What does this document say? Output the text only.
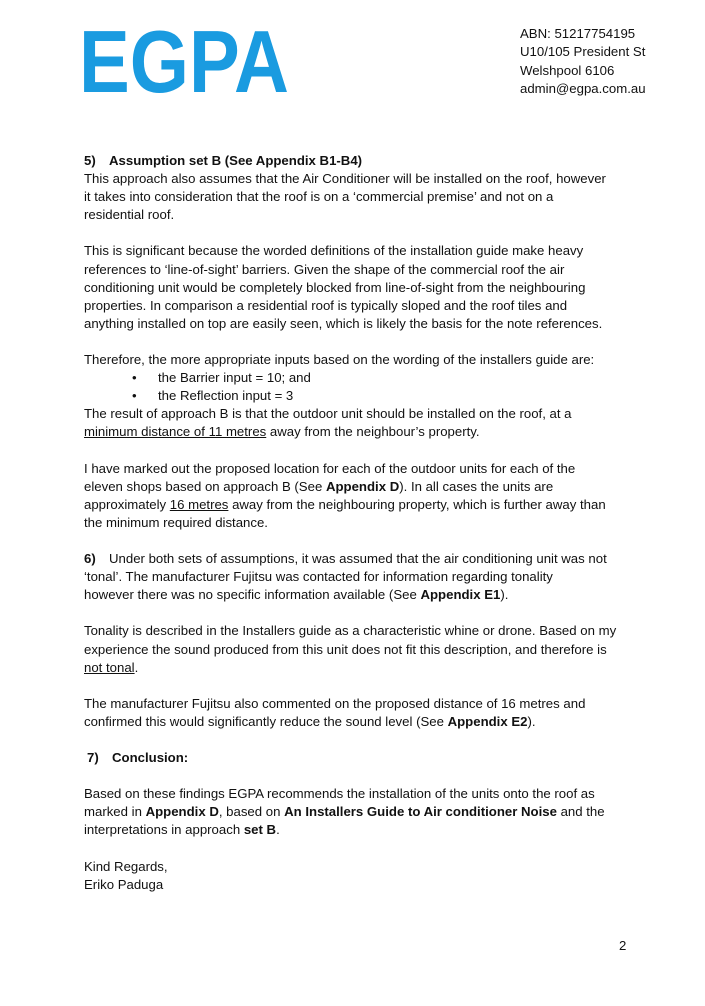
EGPA	ABN: 51217754195
U10/105 President St
Welshpool 6106
admin@egpa.com.au
5) Assumption set B (See Appendix B1-B4)
This approach also assumes that the Air Conditioner will be installed on the roof, however
it takes into consideration that the roof is on a ‘commercial premise’ and not on a
residential roof.
This is significant because the worded definitions of the installation guide make heavy
references to ‘line-of-sight’ barriers. Given the shape of the commercial roof the air
conditioning unit would be completely blocked from line-of-sight from the neighbouring
properties. In comparison a residential roof is typically sloped and the roof tiles and
anything installed on top are easily seen, which is likely the basis for the note references.
Therefore, the more appropriate inputs based on the wording of the installers guide are:
• the Barrier input = 10; and
• the Reflection input = 3
The result of approach B is that the outdoor unit should be installed on the roof, at a
minimum distance of 11 metres away from the neighbour’s property.
I have marked out the proposed location for each of the outdoor units for each of the
eleven shops based on approach B (See Appendix D). In all cases the units are
approximately 16 metres away from the neighbouring property, which is further away than
the minimum required distance.
6) Under both sets of assumptions, it was assumed that the air conditioning unit was not
‘tonal’. The manufacturer Fujitsu was contacted for information regarding tonality
however there was no specific information available (See Appendix E1).
Tonality is described in the Installers guide as a characteristic whine or drone. Based on my
experience the sound produced from this unit does not fit this description, and therefore is
not tonal.
The manufacturer Fujitsu also commented on the proposed distance of 16 metres and
confirmed this would significantly reduce the sound level (See Appendix E2).
7) Conclusion:
Based on these findings EGPA recommends the installation of the units onto the roof as
marked in Appendix D, based on An Installers Guide to Air conditioner Noise and the
interpretations in approach set B.
Kind Regards,
Eriko Paduga
2
